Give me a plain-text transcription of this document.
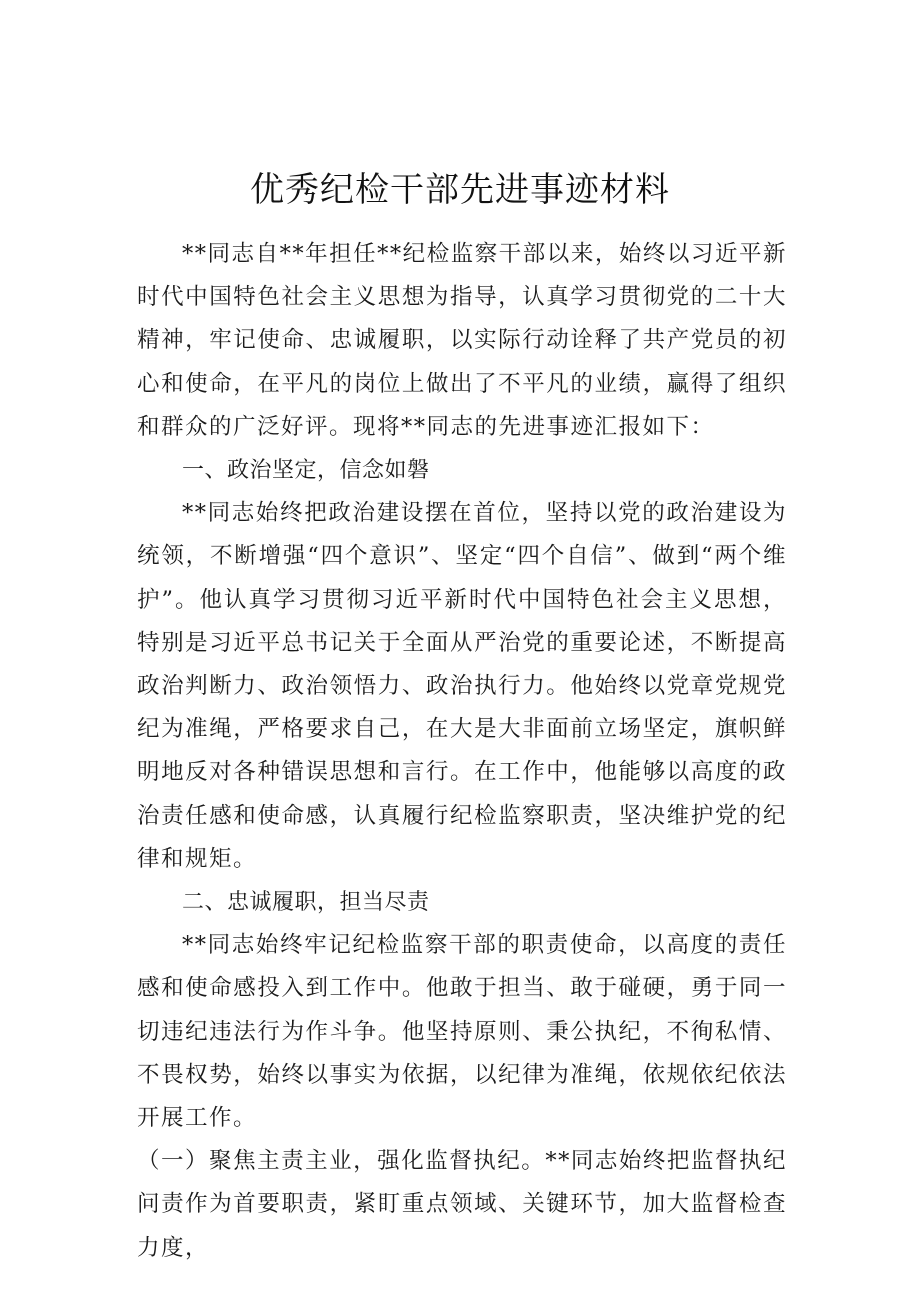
优秀纪检干部先进事迹材料

**同志自**年担任**纪检监察干部以来，始终以习近平新时代中国特色社会主义思想为指导，认真学习贯彻党的二十大精神，牢记使命、忠诚履职，以实际行动诠释了共产党员的初心和使命，在平凡的岗位上做出了不平凡的业绩，赢得了组织和群众的广泛好评。现将**同志的先进事迹汇报如下：

一、政治坚定，信念如磐

**同志始终把政治建设摆在首位，坚持以党的政治建设为统领，不断增强“四个意识”、坚定“四个自信”、做到“两个维护”。他认真学习贯彻习近平新时代中国特色社会主义思想，特别是习近平总书记关于全面从严治党的重要论述，不断提高政治判断力、政治领悟力、政治执行力。他始终以党章党规党纪为准绳，严格要求自己，在大是大非面前立场坚定，旗帜鲜明地反对各种错误思想和言行。在工作中，他能够以高度的政治责任感和使命感，认真履行纪检监察职责，坚决维护党的纪律和规矩。

二、忠诚履职，担当尽责

**同志始终牢记纪检监察干部的职责使命，以高度的责任感和使命感投入到工作中。他敢于担当、敢于碰硬，勇于同一切违纪违法行为作斗争。他坚持原则、秉公执纪，不徇私情、不畏权势，始终以事实为依据，以纪律为准绳，依规依纪依法开展工作。

（一）聚焦主责主业，强化监督执纪。**同志始终把监督执纪问责作为首要职责，紧盯重点领域、关键环节，加大监督检查力度，
